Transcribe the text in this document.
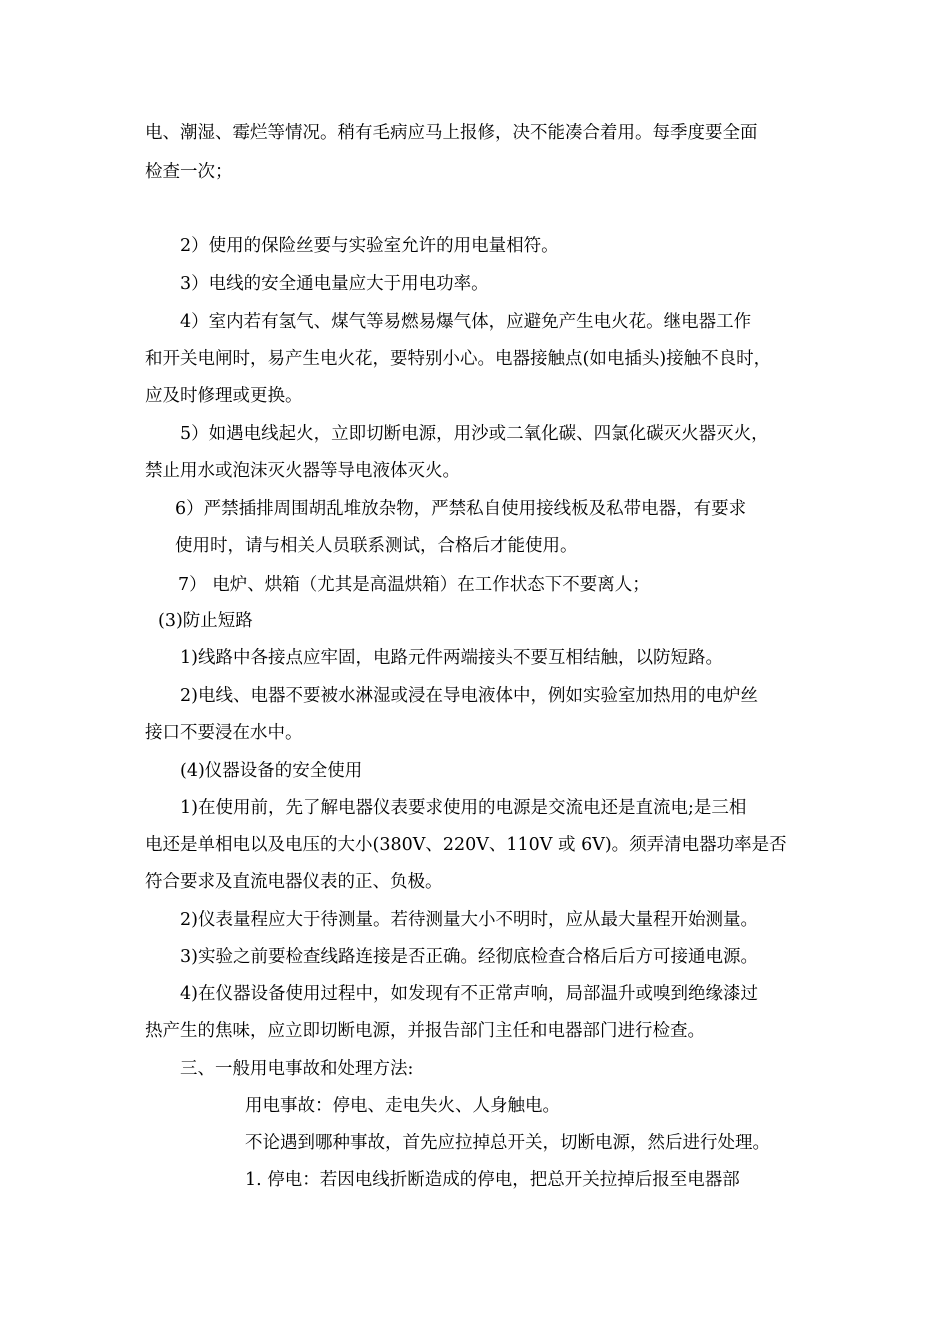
电、潮湿、霉烂等情况。稍有毛病应马上报修，决不能凑合着用。每季度要全面
检查一次；
2）使用的保险丝要与实验室允许的用电量相符。
3）电线的安全通电量应大于用电功率。
4）室内若有氢气、煤气等易燃易爆气体，应避免产生电火花。继电器工作
和开关电闸时，易产生电火花，要特别小心。电器接触点(如电插头)接触不良时，
应及时修理或更换。
5）如遇电线起火，立即切断电源，用沙或二氧化碳、四氯化碳灭火器灭火，
禁止用水或泡沫灭火器等导电液体灭火。
6）严禁插排周围胡乱堆放杂物，严禁私自使用接线板及私带电器，有要求
使用时，请与相关人员联系测试，合格后才能使用。
7） 电炉、烘箱（尤其是高温烘箱）在工作状态下不要离人；
(3)防止短路
1)线路中各接点应牢固，电路元件两端接头不要互相结触，以防短路。
2)电线、电器不要被水淋湿或浸在导电液体中，例如实验室加热用的电炉丝
接口不要浸在水中。
(4)仪器设备的安全使用
1)在使用前，先了解电器仪表要求使用的电源是交流电还是直流电;是三相
电还是单相电以及电压的大小(380V、220V、110V 或 6V)。须弄清电器功率是否
符合要求及直流电器仪表的正、负极。
2)仪表量程应大于待测量。若待测量大小不明时，应从最大量程开始测量。
3)实验之前要检查线路连接是否正确。经彻底检查合格后后方可接通电源。
4)在仪器设备使用过程中，如发现有不正常声响，局部温升或嗅到绝缘漆过
热产生的焦味，应立即切断电源，并报告部门主任和电器部门进行检查。
三、一般用电事故和处理方法:
用电事故：停电、走电失火、人身触电。
不论遇到哪种事故，首先应拉掉总开关，切断电源，然后进行处理。
1. 停电：若因电线折断造成的停电，把总开关拉掉后报至电器部
